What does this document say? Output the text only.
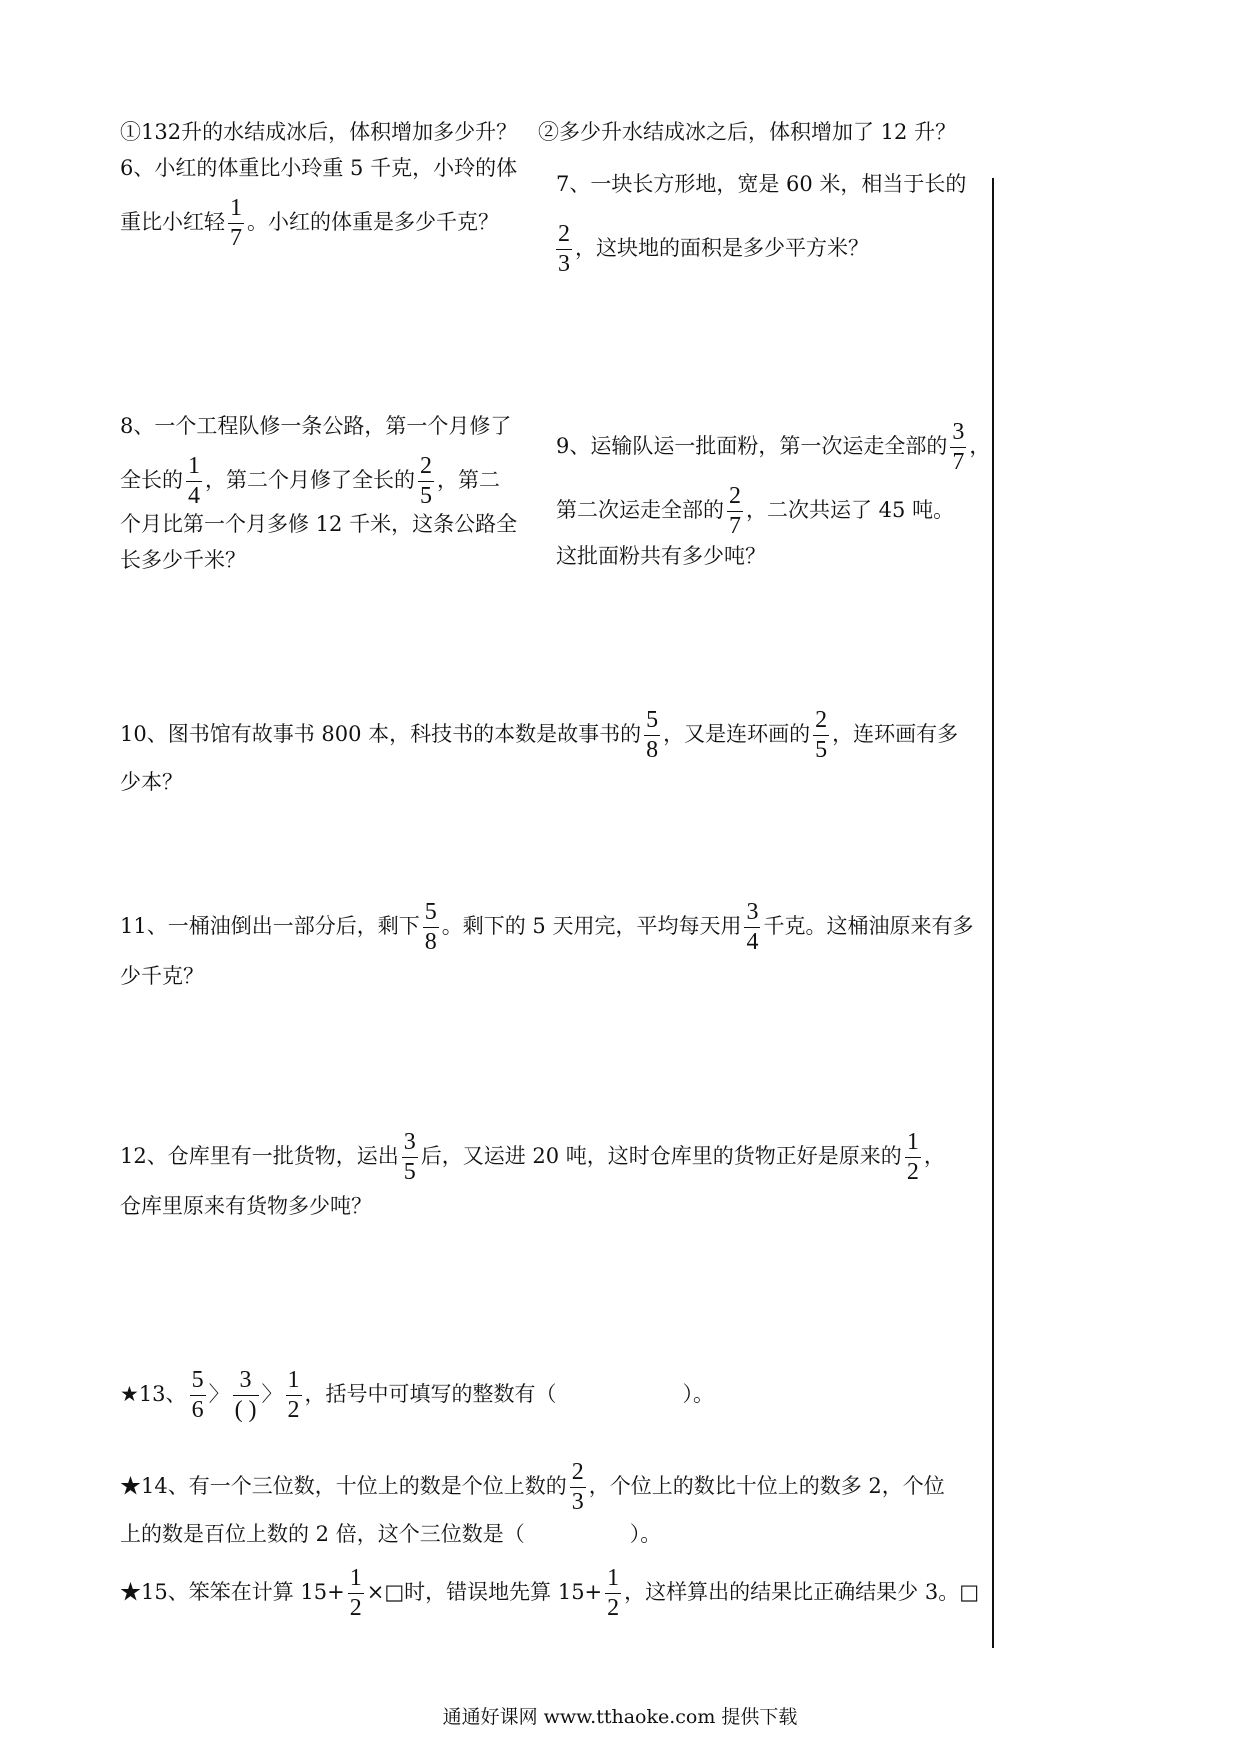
①132升的水结成冰后，体积增加多少升？ ②多少升水结成冰之后，体积增加了 12 升？
6、小红的体重比小玲重 5 千克，小玲的体
重比小红轻 $\frac{1}{7}$ 。小红的体重是多少千克？
7、一块长方形地，宽是 60 米，相当于长的
$\frac{2}{3}$ ，这块地的面积是多少平方米？
8、一个工程队修一条公路，第一个月修了
全长的 $\frac{1}{4}$ ，第二个月修了全长的 $\frac{2}{5}$ ，第二
个月比第一个月多修 12 千米，这条公路全
长多少千米？
9、运输队运一批面粉，第一次运走全部的 $\frac{3}{7}$ ，
第二次运走全部的 $\frac{2}{7}$ ，二次共运了 45 吨。
这批面粉共有多少吨？
10、图书馆有故事书 800 本，科技书的本数是故事书的 $\frac{5}{8}$ ，又是连环画的 $\frac{2}{5}$ ，连环画有多
少本？
11、一桶油倒出一部分后，剩下 $\frac{5}{8}$ 。剩下的 5 天用完，平均每天用 $\frac{3}{4}$ 千克。这桶油原来有多
少千克？
12、仓库里有一批货物，运出 $\frac{3}{5}$ 后，又运进 20 吨，这时仓库里的货物正好是原来的 $\frac{1}{2}$ ，
仓库里原来有货物多少吨？
★13、 $\frac{5}{6}$ 〉 $\frac{3}{( )}$ 〉 $\frac{1}{2}$ ，括号中可填写的整数有（　　　　　　）。
★14、有一个三位数，十位上的数是个位上数的 $\frac{2}{3}$ ，个位上的数比十位上的数多 2，个位
上的数是百位上数的 2 倍，这个三位数是（　　　　　）。
★15、笨笨在计算 $15+ \frac{1}{2}$ ×□时，错误地先算 $15+ \frac{1}{2}$ ，这样算出的结果比正确结果少 3。□
通通好课网 www.tthaoke.com 提供下载
